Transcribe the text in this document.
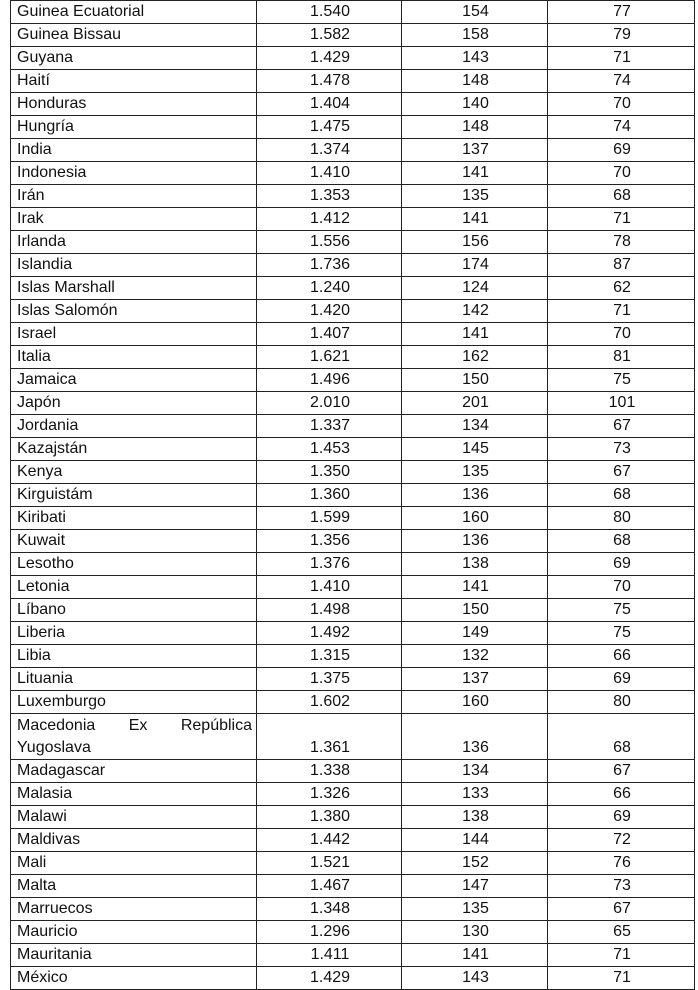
Guinea Ecuatorial	1.540	154	77
Guinea Bissau	1.582	158	79
Guyana	1.429	143	71
Haití	1.478	148	74
Honduras	1.404	140	70
Hungría	1.475	148	74
India	1.374	137	69
Indonesia	1.410	141	70
Irán	1.353	135	68
Irak	1.412	141	71
Irlanda	1.556	156	78
Islandia	1.736	174	87
Islas Marshall	1.240	124	62
Islas Salomón	1.420	142	71
Israel	1.407	141	70
Italia	1.621	162	81
Jamaica	1.496	150	75
Japón	2.010	201	101
Jordania	1.337	134	67
Kazajstán	1.453	145	73
Kenya	1.350	135	67
Kirguistám	1.360	136	68
Kiribati	1.599	160	80
Kuwait	1.356	136	68
Lesotho	1.376	138	69
Letonia	1.410	141	70
Líbano	1.498	150	75
Liberia	1.492	149	75
Libia	1.315	132	66
Lituania	1.375	137	69
Luxemburgo	1.602	160	80

Macedonia Ex República
Yugoslava	1.361	136	68
Madagascar	1.338	134	67
Malasia	1.326	133	66
Malawi	1.380	138	69
Maldivas	1.442	144	72
Mali	1.521	152	76
Malta	1.467	147	73
Marruecos	1.348	135	67
Mauricio	1.296	130	65
Mauritania	1.411	141	71
México	1.429	143	71
